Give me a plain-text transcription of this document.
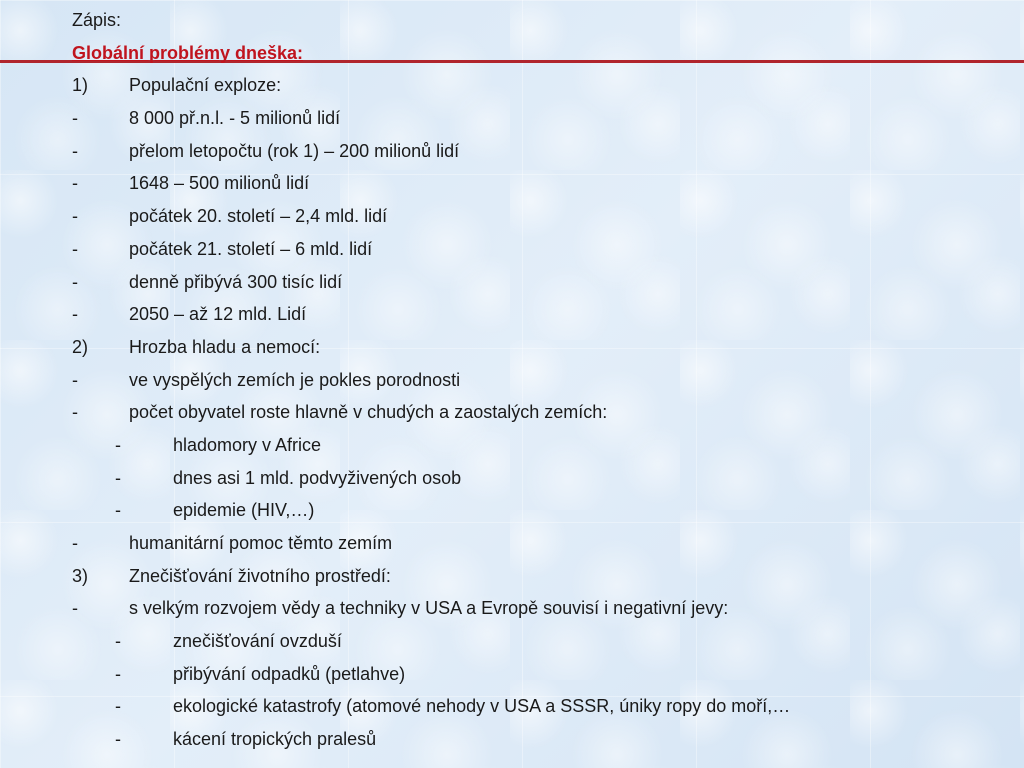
Zápis:
Globální problémy dneška:
1) Populační exploze:
-	8 000 př.n.l. - 5 milionů lidí
-	přelom letopočtu (rok 1) – 200 milionů lidí
-	1648 – 500 milionů lidí
-	počátek 20. století – 2,4 mld. lidí
-	počátek 21. století – 6 mld. lidí
-	denně přibývá 300 tisíc lidí
-	2050 – až 12 mld. Lidí
2) Hrozba hladu a nemocí:
-	ve vyspělých zemích je pokles porodnosti
-	počet obyvatel roste hlavně v chudých a zaostalých zemích:
-	hladomory v Africe
-	dnes asi 1 mld. podvyživených osob
-	epidemie (HIV,…)
-	humanitární pomoc těmto zemím
3) Znečišťování životního prostředí:
-	s velkým rozvojem vědy a techniky v USA a Evropě souvisí i negativní jevy:
-	znečišťování ovzduší
-	přibývání odpadků (petlahve)
-	ekologické katastrofy (atomové nehody v USA a SSSR, úniky ropy do moří,…
-	kácení tropických pralesů
